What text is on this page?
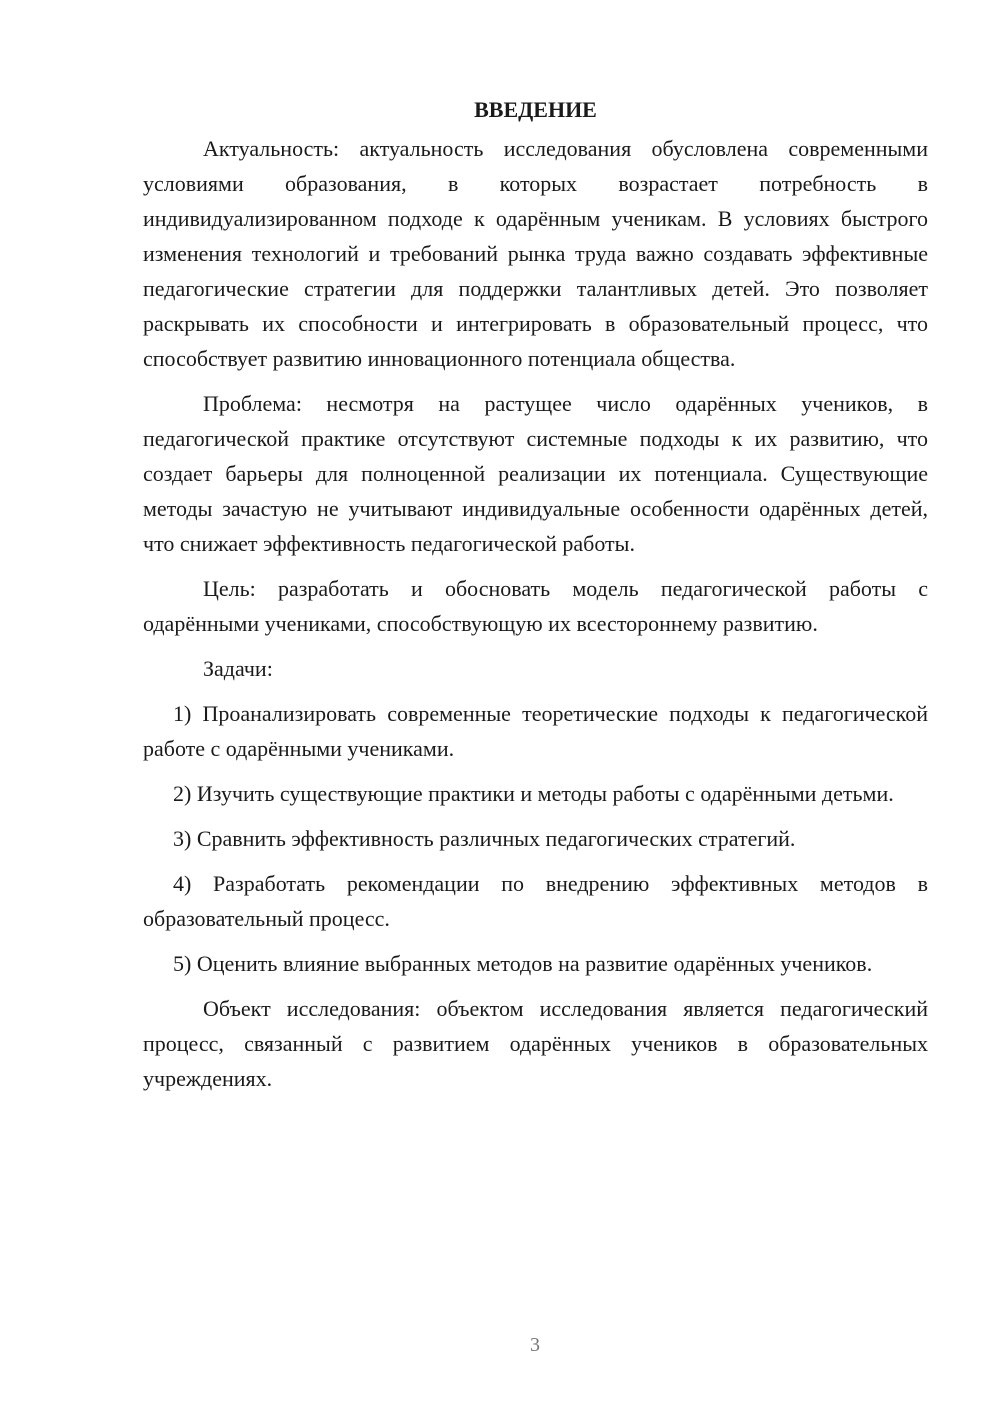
ВВЕДЕНИЕ

Актуальность: актуальность исследования обусловлена современными условиями образования, в которых возрастает потребность в индивидуализированном подходе к одарённым ученикам. В условиях быстрого изменения технологий и требований рынка труда важно создавать эффективные педагогические стратегии для поддержки талантливых детей. Это позволяет раскрывать их способности и интегрировать в образовательный процесс, что способствует развитию инновационного потенциала общества.

Проблема: несмотря на растущее число одарённых учеников, в педагогической практике отсутствуют системные подходы к их развитию, что создает барьеры для полноценной реализации их потенциала. Существующие методы зачастую не учитывают индивидуальные особенности одарённых детей, что снижает эффективность педагогической работы.

Цель: разработать и обосновать модель педагогической работы с одарёнными учениками, способствующую их всестороннему развитию.

Задачи:

1) Проанализировать современные теоретические подходы к педагогической работе с одарёнными учениками.

2) Изучить существующие практики и методы работы с одарёнными детьми.

3) Сравнить эффективность различных педагогических стратегий.

4) Разработать рекомендации по внедрению эффективных методов в образовательный процесс.

5) Оценить влияние выбранных методов на развитие одарённых учеников.

Объект исследования: объектом исследования является педагогический процесс, связанный с развитием одарённых учеников в образовательных учреждениях.

3
